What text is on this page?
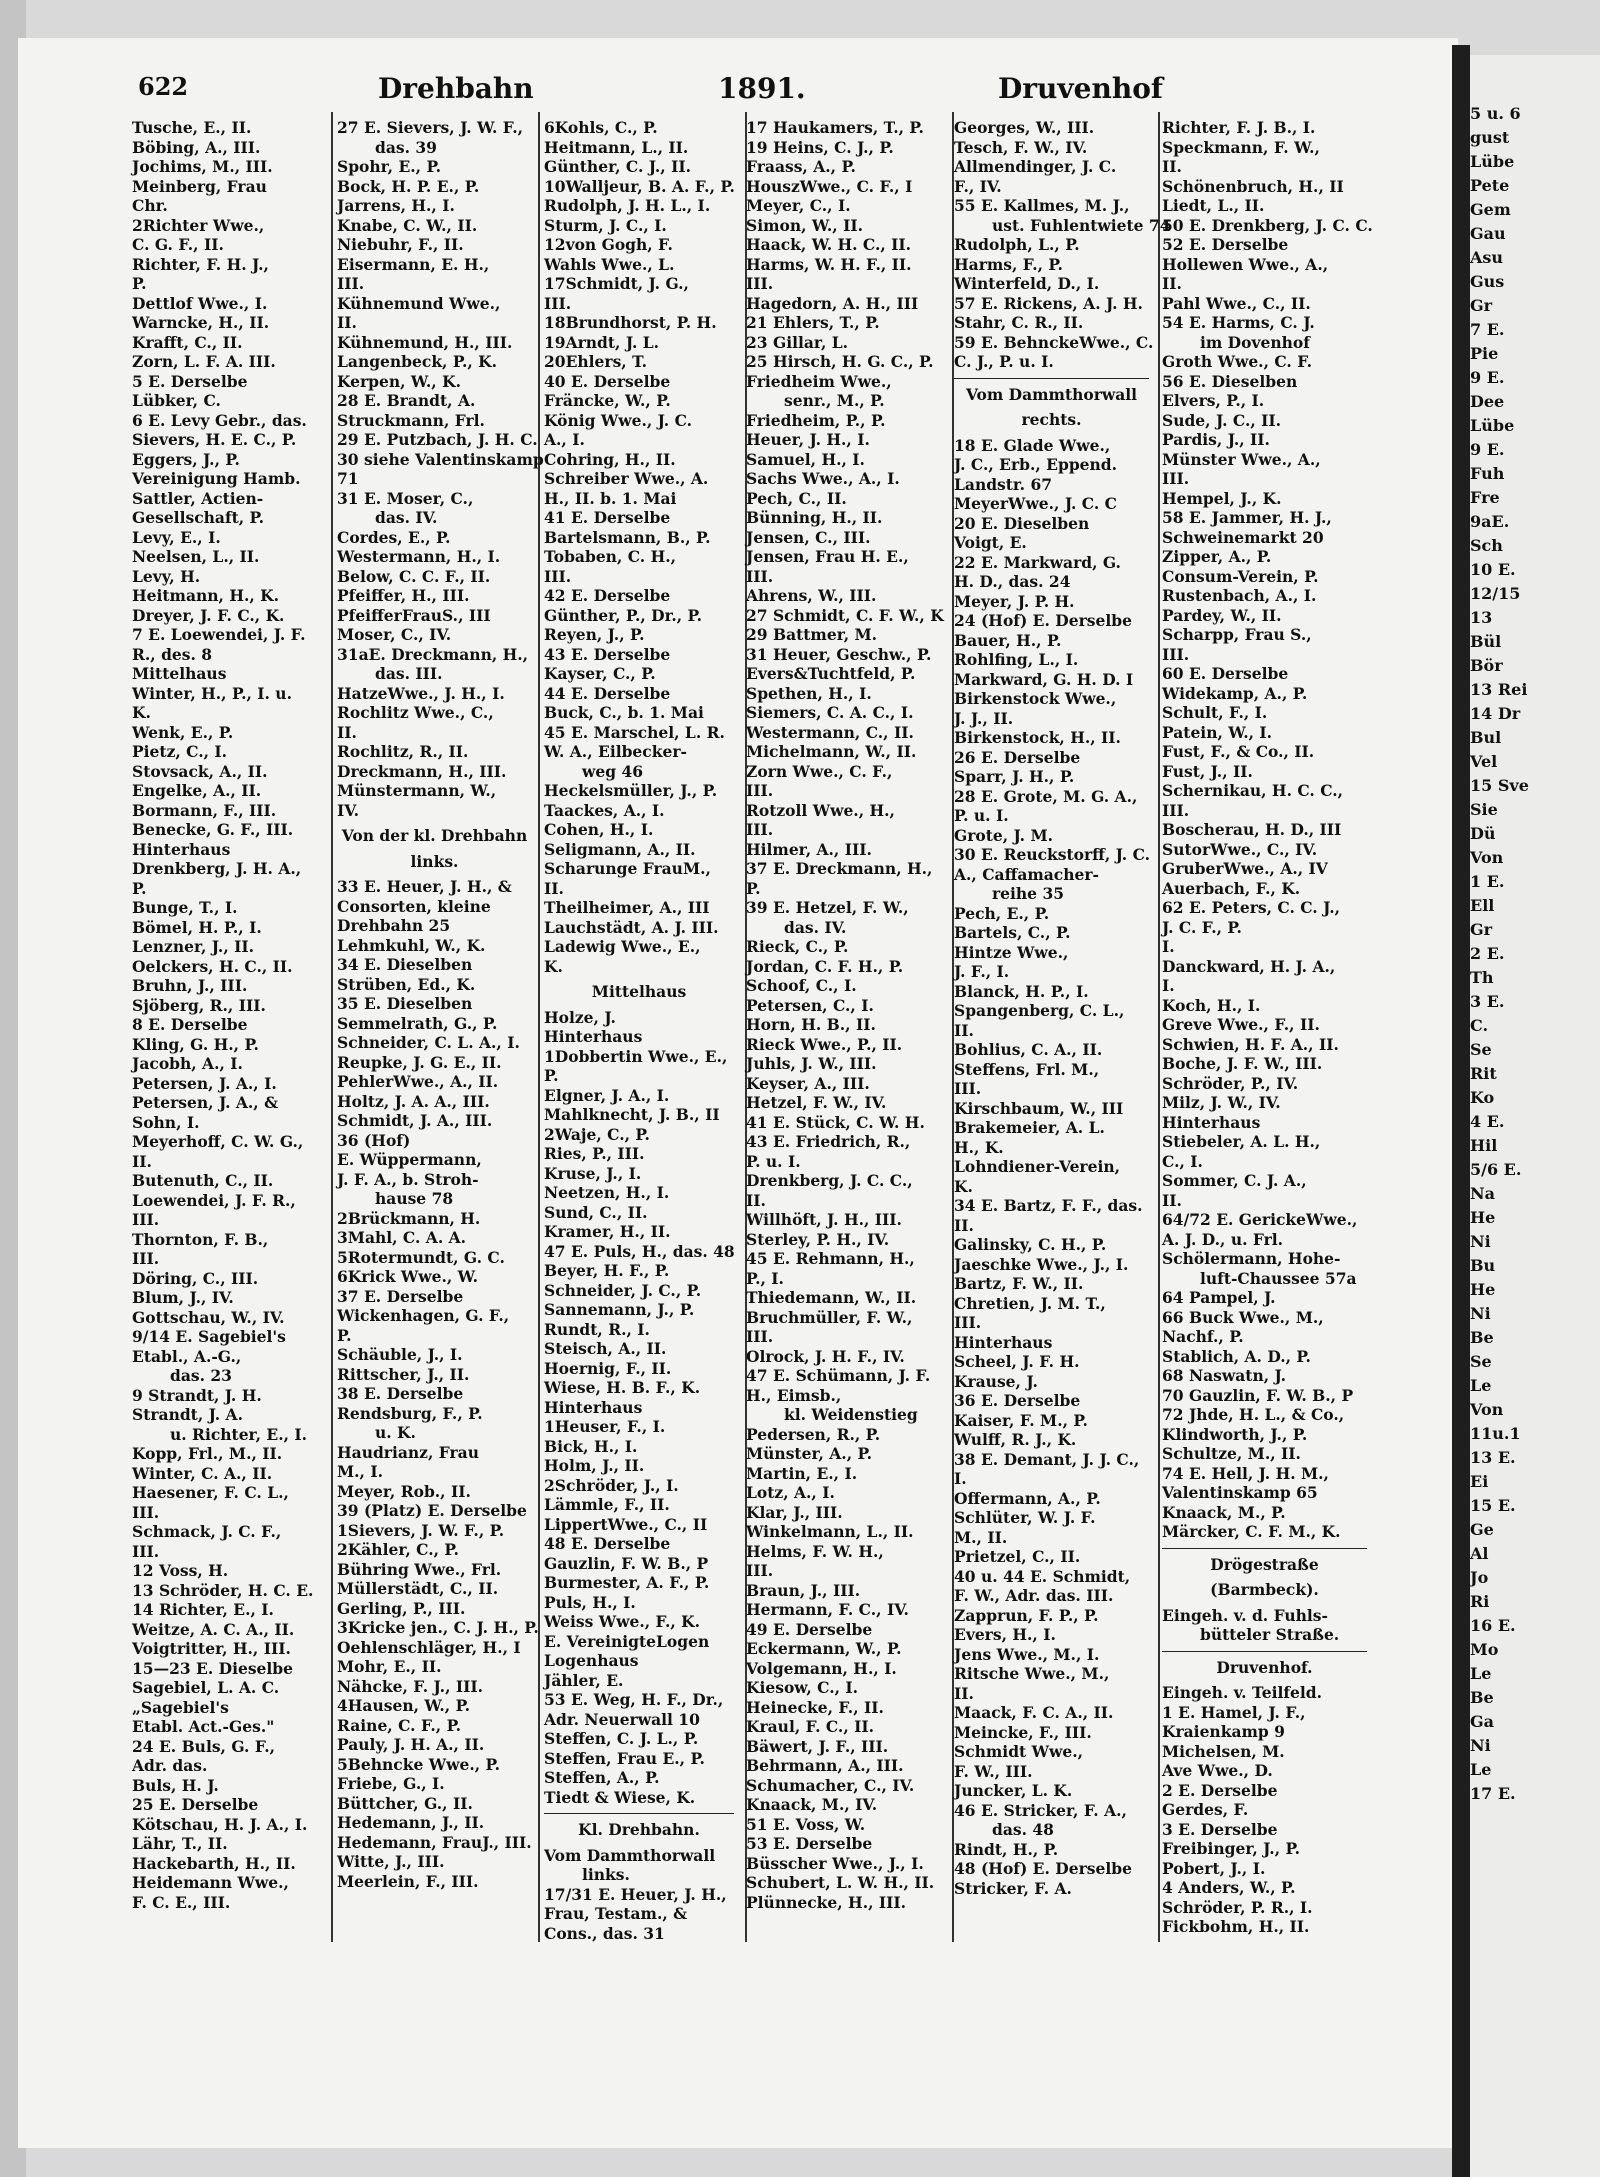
5 u. 6
gust
Lübe
Pete
Gem
Gau
Asu
Gus
Gr
7 E.
Pie
9 E.
Dee
Lübe
9 E.
Fuh
Fre
9aE.
Sch
10 E.
12/15
13
Bül
Bör
13 Rei
14 Dr
Bul
Vel
15 Sve
Sie
Dü
Von
1 E.
Ell
Gr
2 E.
Th
3 E.
C.
Se
Rit
Ko
4 E.
Hil
5/6 E.
Na
He
Ni
Bu
He
Ni
Be
Se
Le
Von
11u.1
13 E.
Ei
15 E.
Ge
Al
Jo
Ri
16 E.
Mo
Le
Be
Ga
Ni
Le
17 E.
622	Drehbahn	1891.	Druvenhof
Tusche, E., II.
Böbing, A., III.
Jochims, M., III.
Meinberg, Frau
Chr.
2Richter Wwe.,
C. G. F., II.
Richter, F. H. J.,
P.
Dettlof Wwe., I.
Warncke, H., II.
Krafft, C., II.
Zorn, L. F. A. III.
5 E. Derselbe
Lübker, C.
6 E. Levy Gebr., das.
Sievers, H. E. C., P.
Eggers, J., P.
Vereinigung Hamb.
Sattler, Actien-
Gesellschaft, P.
Levy, E., I.
Neelsen, L., II.
Levy, H.
Heitmann, H., K.
Dreyer, J. F. C., K.
7 E. Loewendei, J. F.
R., des. 8
Mittelhaus
Winter, H., P., I. u.
K.
Wenk, E., P.
Pietz, C., I.
Stovsack, A., II.
Engelke, A., II.
Bormann, F., III.
Benecke, G. F., III.
Hinterhaus
Drenkberg, J. H. A.,
P.
Bunge, T., I.
Bömel, H. P., I.
Lenzner, J., II.
Oelckers, H. C., II.
Bruhn, J., III.
Sjöberg, R., III.
8 E. Derselbe
Kling, G. H., P.
Jacobh, A., I.
Petersen, J. A., I.
Petersen, J. A., &
Sohn, I.
Meyerhoff, C. W. G.,
II.
Butenuth, C., II.
Loewendei, J. F. R.,
III.
Thornton, F. B.,
III.
Döring, C., III.
Blum, J., IV.
Gottschau, W., IV.
9/14 E. Sagebiel's
Etabl., A.-G.,
das. 23
9 Strandt, J. H.
Strandt, J. A.
u. Richter, E., I.
Kopp, Frl., M., II.
Winter, C. A., II.
Haesener, F. C. L.,
III.
Schmack, J. C. F.,
III.
12 Voss, H.
13 Schröder, H. C. E.
14 Richter, E., I.
Weitze, A. C. A., II.
Voigtritter, H., III.
15—23 E. Dieselbe
Sagebiel, L. A. C.
„Sagebiel's
Etabl. Act.-Ges."
24 E. Buls, G. F.,
Adr. das.
Buls, H. J.
25 E. Derselbe
Kötschau, H. J. A., I.
Lähr, T., II.
Hackebarth, H., II.
Heidemann Wwe.,
F. C. E., III.
27 E. Sievers, J. W. F.,
das. 39
Spohr, E., P.
Bock, H. P. E., P.
Jarrens, H., I.
Knabe, C. W., II.
Niebuhr, F., II.
Eisermann, E. H.,
III.
Kühnemund Wwe.,
II.
Kühnemund, H., III.
Langenbeck, P., K.
Kerpen, W., K.
28 E. Brandt, A.
Struckmann, Frl.
29 E. Putzbach, J. H. C.
30 siehe Valentinskamp
71
31 E. Moser, C.,
das. IV.
Cordes, E., P.
Westermann, H., I.
Below, C. C. F., II.
Pfeiffer, H., III.
PfeifferFrauS., III
Moser, C., IV.
31aE. Dreckmann, H.,
das. III.
HatzeWwe., J. H., I.
Rochlitz Wwe., C.,
II.
Rochlitz, R., II.
Dreckmann, H., III.
Münstermann, W.,
IV.
Von der kl. Drehbahn
links.
33 E. Heuer, J. H., &
Consorten, kleine
Drehbahn 25
Lehmkuhl, W., K.
34 E. Dieselben
Strüben, Ed., K.
35 E. Dieselben
Semmelrath, G., P.
Schneider, C. L. A., I.
Reupke, J. G. E., II.
PehlerWwe., A., II.
Holtz, J. A. A., III.
Schmidt, J. A., III.
36 (Hof)
E. Wüppermann,
J. F. A., b. Stroh-
hause 78
2Brückmann, H.
3Mahl, C. A. A.
5Rotermundt, G. C.
6Krick Wwe., W.
37 E. Derselbe
Wickenhagen, G. F.,
P.
Schäuble, J., I.
Rittscher, J., II.
38 E. Derselbe
Rendsburg, F., P.
u. K.
Haudrianz, Frau
M., I.
Meyer, Rob., II.
39 (Platz) E. Derselbe
1Sievers, J. W. F., P.
2Kähler, C., P.
Bühring Wwe., Frl.
Müllerstädt, C., II.
Gerling, P., III.
3Kricke jen., C. J. H., P.
Oehlenschläger, H., I
Mohr, E., II.
Nähcke, F. J., III.
4Hausen, W., P.
Raine, C. F., P.
Pauly, J. H. A., II.
5Behncke Wwe., P.
Friebe, G., I.
Büttcher, G., II.
Hedemann, J., II.
Hedemann, FrauJ., III.
Witte, J., III.
Meerlein, F., III.
6Kohls, C., P.
Heitmann, L., II.
Günther, C. J., II.
10Walljeur, B. A. F., P.
Rudolph, J. H. L., I.
Sturm, J. C., I.
12von Gogh, F.
Wahls Wwe., L.
17Schmidt, J. G.,
III.
18Brundhorst, P. H.
19Arndt, J. L.
20Ehlers, T.
40 E. Derselbe
Fräncke, W., P.
König Wwe., J. C.
A., I.
Cohring, H., II.
Schreiber Wwe., A.
H., II. b. 1. Mai
41 E. Derselbe
Bartelsmann, B., P.
Tobaben, C. H.,
III.
42 E. Derselbe
Günther, P., Dr., P.
Reyen, J., P.
43 E. Derselbe
Kayser, C., P.
44 E. Derselbe
Buck, C., b. 1. Mai
45 E. Marschel, L. R.
W. A., Eilbecker-
weg 46
Heckelsmüller, J., P.
Taackes, A., I.
Cohen, H., I.
Seligmann, A., II.
Scharunge FrauM.,
II.
Theilheimer, A., III
Lauchstädt, A. J. III.
Ladewig Wwe., E.,
K.
Mittelhaus
Holze, J.
Hinterhaus
1Dobbertin Wwe., E.,
P.
Elgner, J. A., I.
Mahlknecht, J. B., II
2Waje, C., P.
Ries, P., III.
Kruse, J., I.
Neetzen, H., I.
Sund, C., II.
Kramer, H., II.
47 E. Puls, H., das. 48
Beyer, H. F., P.
Schneider, J. C., P.
Sannemann, J., P.
Rundt, R., I.
Steisch, A., II.
Hoernig, F., II.
Wiese, H. B. F., K.
Hinterhaus
1Heuser, F., I.
Bick, H., I.
Holm, J., II.
2Schröder, J., I.
Lämmle, F., II.
LippertWwe., C., II
48 E. Derselbe
Gauzlin, F. W. B., P
Burmester, A. F., P.
Puls, H., I.
Weiss Wwe., F., K.
E. VereinigteLogen
Logenhaus
Jähler, E.
53 E. Weg, H. F., Dr.,
Adr. Neuerwall 10
Steffen, C. J. L., P.
Steffen, Frau E., P.
Steffen, A., P.
Tiedt & Wiese, K.
Kl. Drehbahn.
Vom Dammthorwall
links.
17/31 E. Heuer, J. H.,
Frau, Testam., &
Cons., das. 31
17 Haukamers, T., P.
19 Heins, C. J., P.
Fraass, A., P.
HouszWwe., C. F., I
Meyer, C., I.
Simon, W., II.
Haack, W. H. C., II.
Harms, W. H. F., II.
III.
Hagedorn, A. H., III
21 Ehlers, T., P.
23 Gillar, L.
25 Hirsch, H. G. C., P.
Friedheim Wwe.,
senr., M., P.
Friedheim, P., P.
Heuer, J. H., I.
Samuel, H., I.
Sachs Wwe., A., I.
Pech, C., II.
Bünning, H., II.
Jensen, C., III.
Jensen, Frau H. E.,
III.
Ahrens, W., III.
27 Schmidt, C. F. W., K
29 Battmer, M.
31 Heuer, Geschw., P.
Evers&Tuchtfeld, P.
Spethen, H., I.
Siemers, C. A. C., I.
Westermann, C., II.
Michelmann, W., II.
Zorn Wwe., C. F.,
III.
Rotzoll Wwe., H.,
III.
Hilmer, A., III.
37 E. Dreckmann, H.,
P.
39 E. Hetzel, F. W.,
das. IV.
Rieck, C., P.
Jordan, C. F. H., P.
Schoof, C., I.
Petersen, C., I.
Horn, H. B., II.
Rieck Wwe., P., II.
Juhls, J. W., III.
Keyser, A., III.
Hetzel, F. W., IV.
41 E. Stück, C. W. H.
43 E. Friedrich, R.,
P. u. I.
Drenkberg, J. C. C.,
II.
Willhöft, J. H., III.
Sterley, P. H., IV.
45 E. Rehmann, H.,
P., I.
Thiedemann, W., II.
Bruchmüller, F. W.,
III.
Olrock, J. H. F., IV.
47 E. Schümann, J. F.
H., Eimsb.,
kl. Weidenstieg
Pedersen, R., P.
Münster, A., P.
Martin, E., I.
Lotz, A., I.
Klar, J., III.
Winkelmann, L., II.
Helms, F. W. H.,
III.
Braun, J., III.
Hermann, F. C., IV.
49 E. Derselbe
Eckermann, W., P.
Volgemann, H., I.
Kiesow, C., I.
Heinecke, F., II.
Kraul, F. C., II.
Bäwert, J. F., III.
Behrmann, A., III.
Schumacher, C., IV.
Knaack, M., IV.
51 E. Voss, W.
53 E. Derselbe
Büsscher Wwe., J., I.
Schubert, L. W. H., II.
Plünnecke, H., III.
Georges, W., III.
Tesch, F. W., IV.
Allmendinger, J. C.
F., IV.
55 E. Kallmes, M. J.,
ust. Fuhlentwiete 74
Rudolph, L., P.
Harms, F., P.
Winterfeld, D., I.
57 E. Rickens, A. J. H.
Stahr, C. R., II.
59 E. BehnckeWwe., C.
C. J., P. u. I.
Vom Dammthorwall
rechts.
18 E. Glade Wwe.,
J. C., Erb., Eppend.
Landstr. 67
MeyerWwe., J. C. C
20 E. Dieselben
Voigt, E.
22 E. Markward, G.
H. D., das. 24
Meyer, J. P. H.
24 (Hof) E. Derselbe
Bauer, H., P.
Rohlfing, L., I.
Markward, G. H. D. I
Birkenstock Wwe.,
J. J., II.
Birkenstock, H., II.
26 E. Derselbe
Sparr, J. H., P.
28 E. Grote, M. G. A.,
P. u. I.
Grote, J. M.
30 E. Reuckstorff, J. C.
A., Caffamacher-
reihe 35
Pech, E., P.
Bartels, C., P.
Hintze Wwe.,
J. F., I.
Blanck, H. P., I.
Spangenberg, C. L.,
II.
Bohlius, C. A., II.
Steffens, Frl. M.,
III.
Kirschbaum, W., III
Brakemeier, A. L.
H., K.
Lohndiener-Verein,
K.
34 E. Bartz, F. F., das.
II.
Galinsky, C. H., P.
Jaeschke Wwe., J., I.
Bartz, F. W., II.
Chretien, J. M. T.,
III.
Hinterhaus
Scheel, J. F. H.
Krause, J.
36 E. Derselbe
Kaiser, F. M., P.
Wulff, R. J., K.
38 E. Demant, J. J. C.,
I.
Offermann, A., P.
Schlüter, W. J. F.
M., II.
Prietzel, C., II.
40 u. 44 E. Schmidt,
F. W., Adr. das. III.
Zapprun, F. P., P.
Evers, H., I.
Jens Wwe., M., I.
Ritsche Wwe., M.,
II.
Maack, F. C. A., II.
Meincke, F., III.
Schmidt Wwe.,
F. W., III.
Juncker, L. K.
46 E. Stricker, F. A.,
das. 48
Rindt, H., P.
48 (Hof) E. Derselbe
Stricker, F. A.
Richter, F. J. B., I.
Speckmann, F. W.,
II.
Schönenbruch, H., II
Liedt, L., II.
50 E. Drenkberg, J. C. C.
52 E. Derselbe
Hollewen Wwe., A.,
II.
Pahl Wwe., C., II.
54 E. Harms, C. J.
im Dovenhof
Groth Wwe., C. F.
56 E. Dieselben
Elvers, P., I.
Sude, J. C., II.
Pardis, J., II.
Münster Wwe., A.,
III.
Hempel, J., K.
58 E. Jammer, H. J.,
Schweinemarkt 20
Zipper, A., P.
Consum-Verein, P.
Rustenbach, A., I.
Pardey, W., II.
Scharpp, Frau S.,
III.
60 E. Derselbe
Widekamp, A., P.
Schult, F., I.
Patein, W., I.
Fust, F., & Co., II.
Fust, J., II.
Schernikau, H. C. C.,
III.
Boscherau, H. D., III
SutorWwe., C., IV.
GruberWwe., A., IV
Auerbach, F., K.
62 E. Peters, C. C. J.,
J. C. F., P.
I.
Danckward, H. J. A.,
I.
Koch, H., I.
Greve Wwe., F., II.
Schwien, H. F. A., II.
Boche, J. F. W., III.
Schröder, P., IV.
Milz, J. W., IV.
Hinterhaus
Stiebeler, A. L. H.,
C., I.
Sommer, C. J. A.,
II.
64/72 E. GerickeWwe.,
A. J. D., u. Frl.
Schölermann, Hohe-
luft-Chaussee 57a
64 Pampel, J.
66 Buck Wwe., M.,
Nachf., P.
Stablich, A. D., P.
68 Naswatn, J.
70 Gauzlin, F. W. B., P
72 Jhde, H. L., & Co.,
Klindworth, J., P.
Schultze, M., II.
74 E. Hell, J. H. M.,
Valentinskamp 65
Knaack, M., P.
Märcker, C. F. M., K.
Drögestraße
(Barmbeck).
Eingeh. v. d. Fuhls-
bütteler Straße.
Druvenhof.
Eingeh. v. Teilfeld.
1 E. Hamel, J. F.,
Kraienkamp 9
Michelsen, M.
Ave Wwe., D.
2 E. Derselbe
Gerdes, F.
3 E. Derselbe
Freibinger, J., P.
Pobert, J., I.
4 Anders, W., P.
Schröder, P. R., I.
Fickbohm, H., II.
